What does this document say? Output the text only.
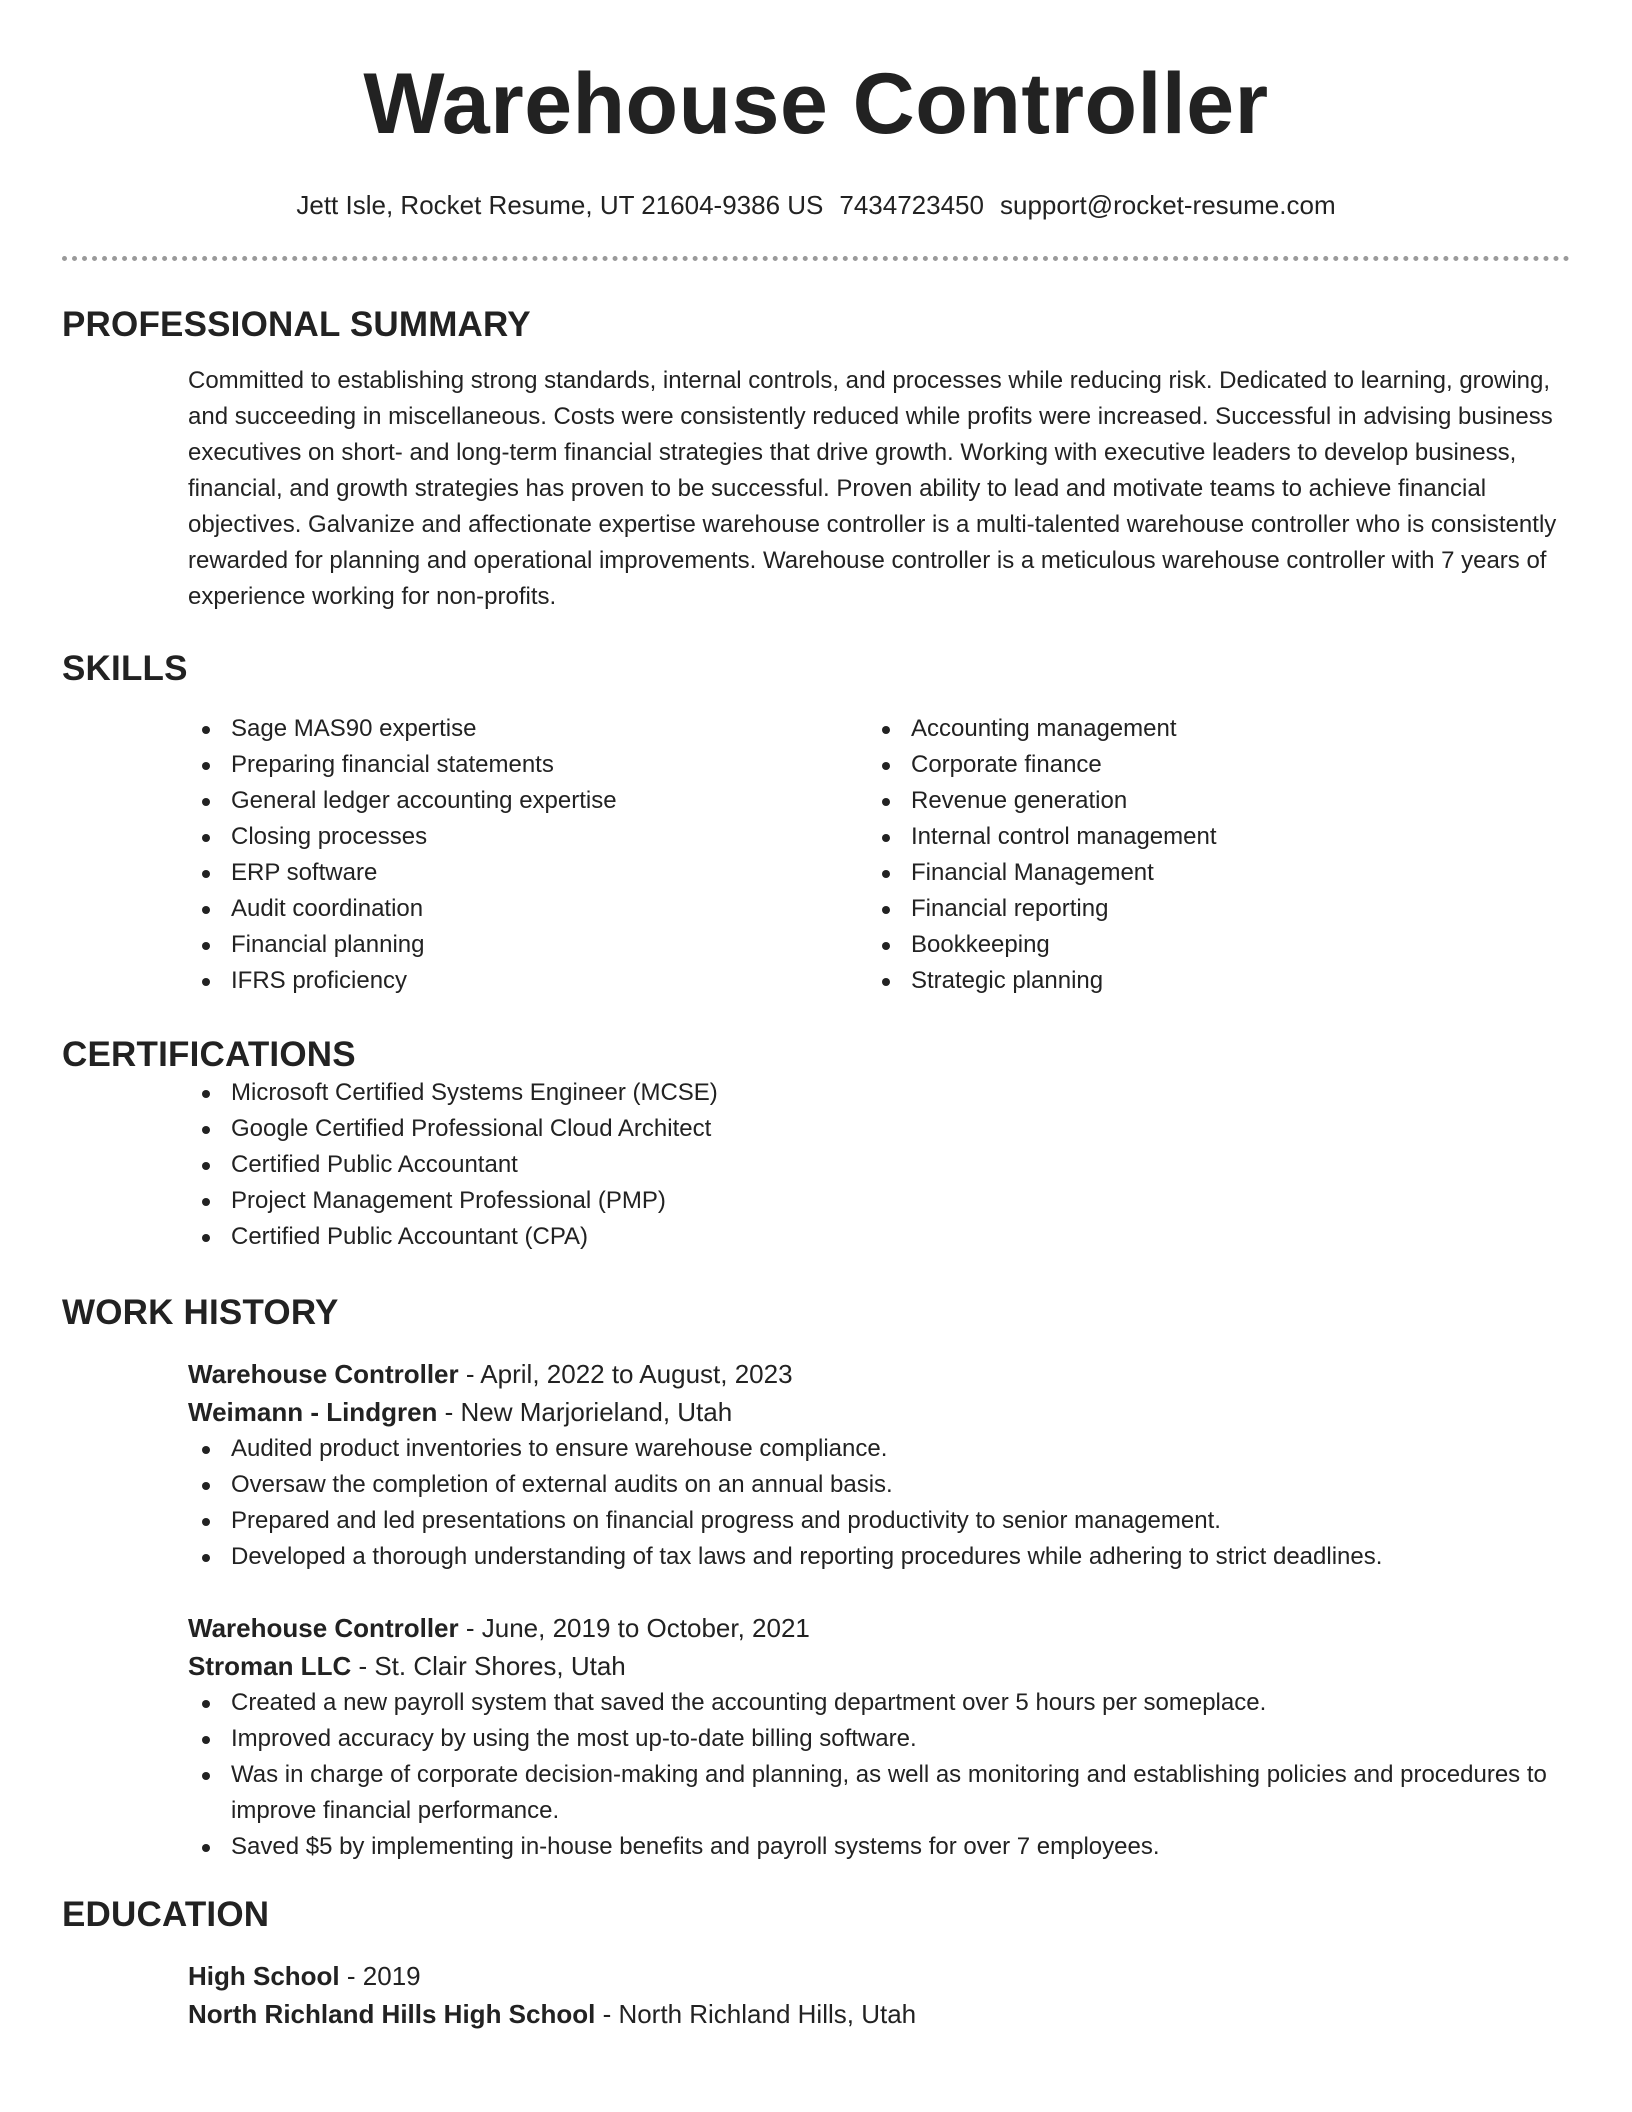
Warehouse Controller
Jett Isle, Rocket Resume, UT 21604-9386 US 7434723450 support@rocket-resume.com
PROFESSIONAL SUMMARY
Committed to establishing strong standards, internal controls, and processes while reducing risk. Dedicated to learning, growing, and succeeding in miscellaneous. Costs were consistently reduced while profits were increased. Successful in advising business executives on short- and long-term financial strategies that drive growth. Working with executive leaders to develop business, financial, and growth strategies has proven to be successful. Proven ability to lead and motivate teams to achieve financial objectives. Galvanize and affectionate expertise warehouse controller is a multi-talented warehouse controller who is consistently rewarded for planning and operational improvements. Warehouse controller is a meticulous warehouse controller with 7 years of experience working for non-profits.
SKILLS
Sage MAS90 expertise
Preparing financial statements
General ledger accounting expertise
Closing processes
ERP software
Audit coordination
Financial planning
IFRS proficiency
Accounting management
Corporate finance
Revenue generation
Internal control management
Financial Management
Financial reporting
Bookkeeping
Strategic planning
CERTIFICATIONS
Microsoft Certified Systems Engineer (MCSE)
Google Certified Professional Cloud Architect
Certified Public Accountant
Project Management Professional (PMP)
Certified Public Accountant (CPA)
WORK HISTORY
Warehouse Controller - April, 2022 to August, 2023
Weimann - Lindgren - New Marjorieland, Utah
Audited product inventories to ensure warehouse compliance.
Oversaw the completion of external audits on an annual basis.
Prepared and led presentations on financial progress and productivity to senior management.
Developed a thorough understanding of tax laws and reporting procedures while adhering to strict deadlines.
Warehouse Controller - June, 2019 to October, 2021
Stroman LLC - St. Clair Shores, Utah
Created a new payroll system that saved the accounting department over 5 hours per someplace.
Improved accuracy by using the most up-to-date billing software.
Was in charge of corporate decision-making and planning, as well as monitoring and establishing policies and procedures to improve financial performance.
Saved $5 by implementing in-house benefits and payroll systems for over 7 employees.
EDUCATION
High School - 2019
North Richland Hills High School - North Richland Hills, Utah
